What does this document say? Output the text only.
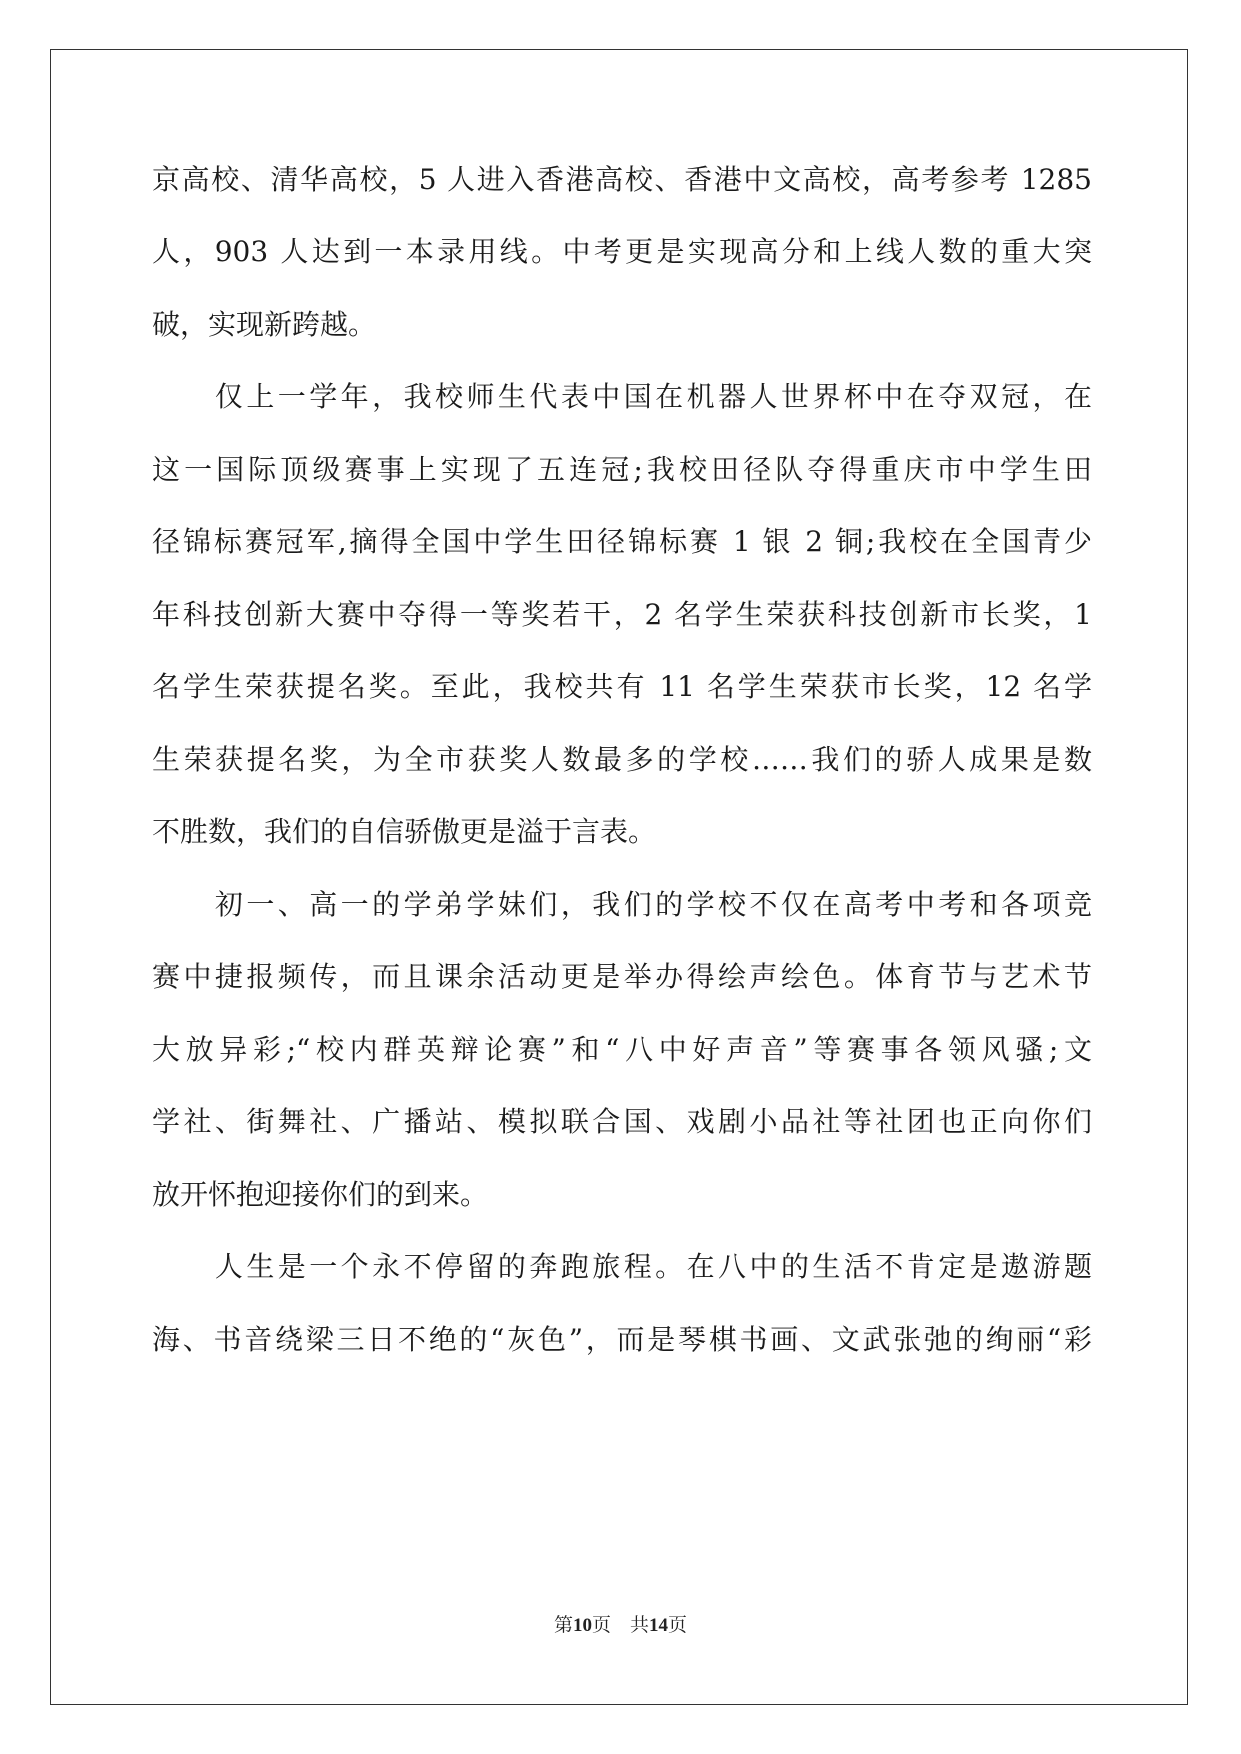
京高校、清华高校，5 人进入香港高校、香港中文高校，高考参考 1285
人，903 人达到一本录用线。中考更是实现高分和上线人数的重大突
破，实现新跨越。
　　仅上一学年，我校师生代表中国在机器人世界杯中在夺双冠，在
这一国际顶级赛事上实现了五连冠;我校田径队夺得重庆市中学生田
径锦标赛冠军,摘得全国中学生田径锦标赛 1 银 2 铜;我校在全国青少
年科技创新大赛中夺得一等奖若干，2 名学生荣获科技创新市长奖，1
名学生荣获提名奖。至此，我校共有 11 名学生荣获市长奖，12 名学
生荣获提名奖，为全市获奖人数最多的学校……我们的骄人成果是数
不胜数，我们的自信骄傲更是溢于言表。
　　初一、高一的学弟学妹们，我们的学校不仅在高考中考和各项竞
赛中捷报频传，而且课余活动更是举办得绘声绘色。体育节与艺术节
大放异彩;“校内群英辩论赛”和“八中好声音”等赛事各领风骚;文
学社、街舞社、广播站、模拟联合国、戏剧小品社等社团也正向你们
放开怀抱迎接你们的到来。
　　人生是一个永不停留的奔跑旅程。在八中的生活不肯定是遨游题
海、书音绕梁三日不绝的“灰色”，而是琴棋书画、文武张弛的绚丽“彩
第10页　共14页
